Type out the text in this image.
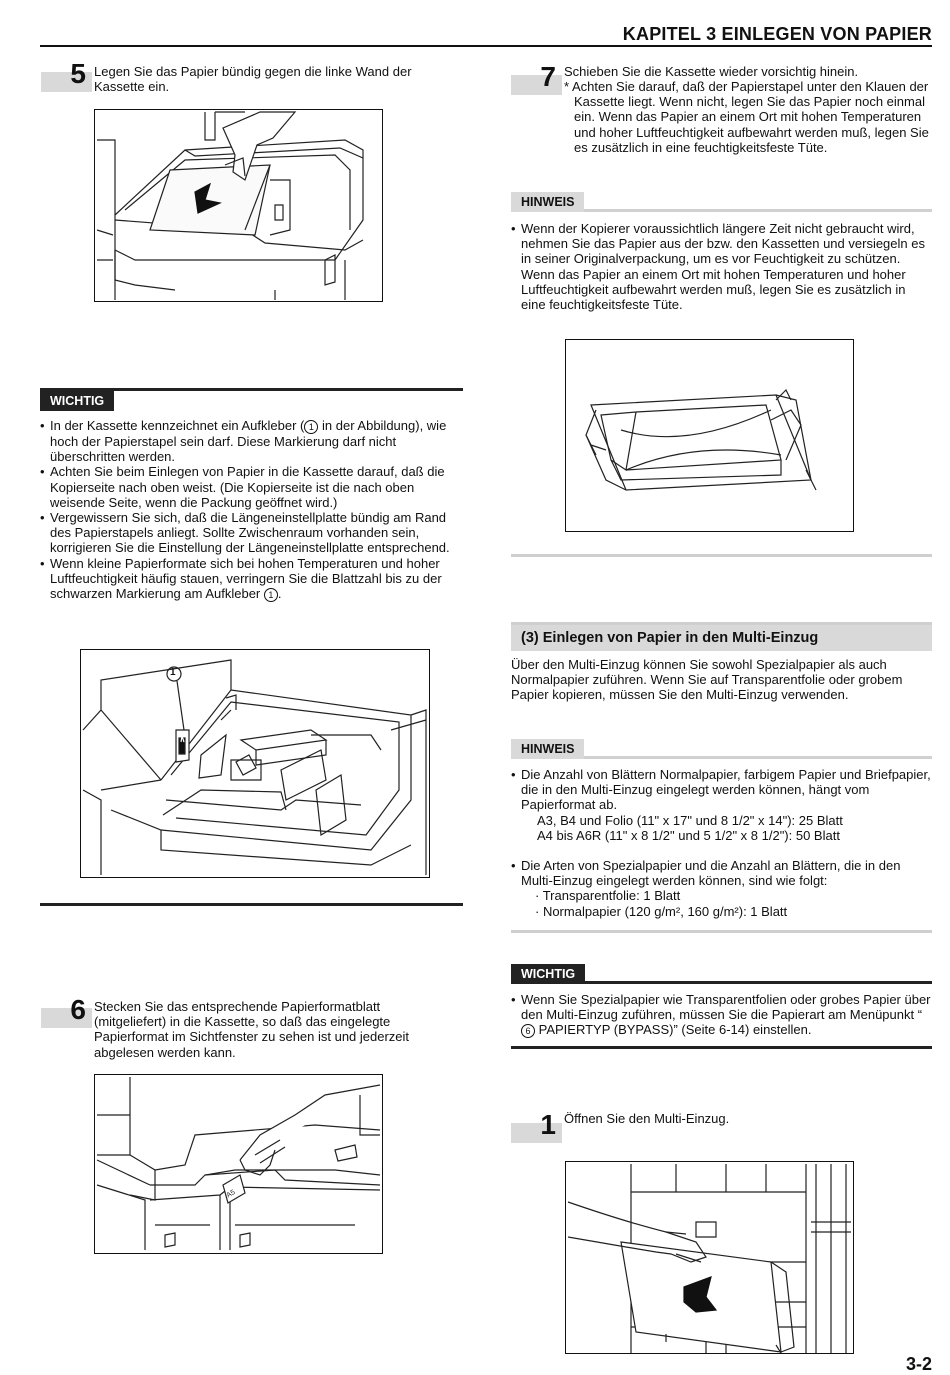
KAPITEL 3 EINLEGEN VON PAPIER
5 Legen Sie das Papier bündig gegen die linke Wand der Kassette ein.
WICHTIG
• In der Kassette kennzeichnet ein Aufkleber ( 1 in der Abbildung), wie hoch der Papierstapel sein darf. Diese Markierung darf nicht überschritten werden.
• Achten Sie beim Einlegen von Papier in die Kassette darauf, daß die Kopierseite nach oben weist. (Die Kopierseite ist die nach oben weisende Seite, wenn die Packung geöffnet wird.)
• Vergewissern Sie sich, daß die Längeneinstellplatte bündig am Rand des Papierstapels anliegt. Sollte Zwischenraum vorhanden sein, korrigieren Sie die Einstellung der Längeneinstellplatte entsprechend.
• Wenn kleine Papierformate sich bei hohen Temperaturen und hoher Luftfeuchtigkeit häufig stauen, verringern Sie die Blattzahl bis zu der schwarzen Markierung am Aufkleber 1 .
1
6 Stecken Sie das entsprechende Papierformatblatt (mitgeliefert) in die Kassette, so daß das eingelegte Papierformat im Sichtfenster zu sehen ist und jederzeit abgelesen werden kann.
A5
7 Schieben Sie die Kassette wieder vorsichtig hinein.
* Achten Sie darauf, daß der Papierstapel unter den Klauen der Kassette liegt. Wenn nicht, legen Sie das Papier noch einmal ein. Wenn das Papier an einem Ort mit hohen Temperaturen und hoher Luftfeuchtigkeit aufbewahrt werden muß, legen Sie es zusätzlich in eine feuchtigkeitsfeste Tüte.
HINWEIS
• Wenn der Kopierer voraussichtlich längere Zeit nicht gebraucht wird, nehmen Sie das Papier aus der bzw. den Kassetten und versiegeln es in seiner Originalverpackung, um es vor Feuchtigkeit zu schützen. Wenn das Papier an einem Ort mit hohen Temperaturen und hoher Luftfeuchtigkeit aufbewahrt werden muß, legen Sie es zusätzlich in eine feuchtigkeitsfeste Tüte.
(3) Einlegen von Papier in den Multi-Einzug
Über den Multi-Einzug können Sie sowohl Spezialpapier als auch Normalpapier zuführen. Wenn Sie auf Transparentfolie oder grobem Papier kopieren, müssen Sie den Multi-Einzug verwenden.
HINWEIS
• Die Anzahl von Blättern Normalpapier, farbigem Papier und Briefpapier, die in den Multi-Einzug eingelegt werden können, hängt vom Papierformat ab.
A3, B4 und Folio (11" x 17" und 8 1/2" x 14"): 25 Blatt
A4 bis A6R (11" x 8 1/2" und 5 1/2" x 8 1/2"): 50 Blatt
• Die Arten von Spezialpapier und die Anzahl an Blättern, die in den Multi-Einzug eingelegt werden können, sind wie folgt:
· Transparentfolie: 1 Blatt
· Normalpapier (120 g/m², 160 g/m²): 1 Blatt
WICHTIG
• Wenn Sie Spezialpapier wie Transparentfolien oder grobes Papier über den Multi-Einzug zuführen, müssen Sie die Papierart am Menüpunkt “6 PAPIERTYP (BYPASS)” (Seite 6-14) einstellen.
1 Öffnen Sie den Multi-Einzug.
3-2
